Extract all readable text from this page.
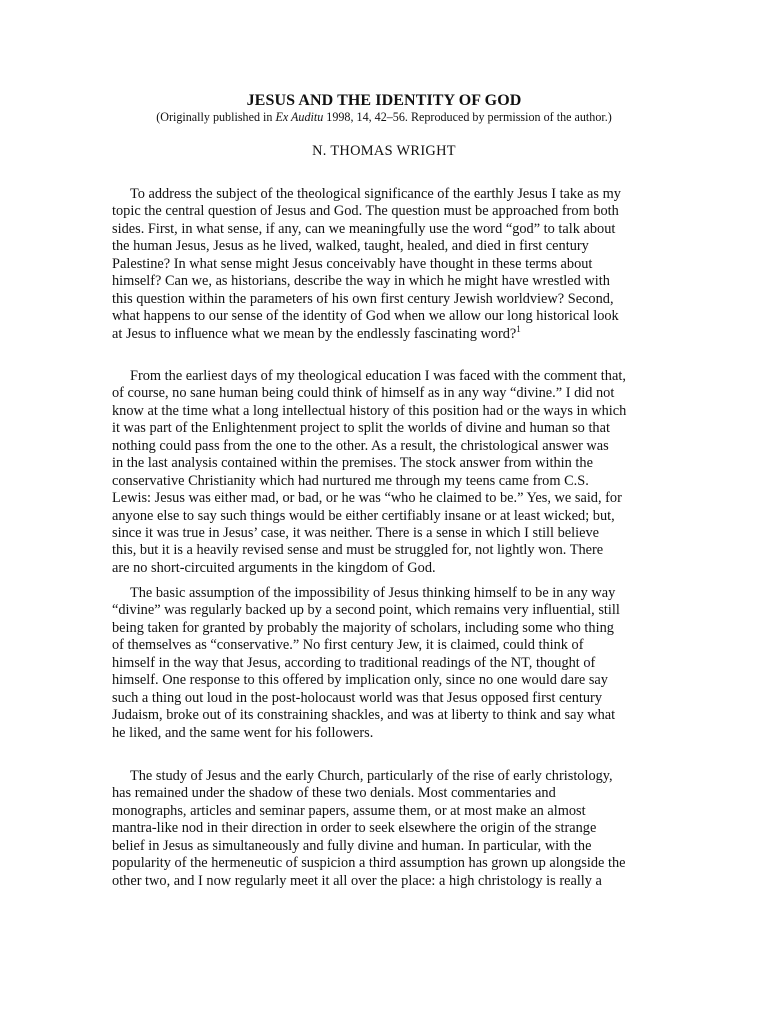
JESUS AND THE IDENTITY OF GOD
(Originally published in Ex Auditu 1998, 14, 42–56. Reproduced by permission of the author.)
N. THOMAS WRIGHT

To address the subject of the theological significance of the earthly Jesus I take as my
topic the central question of Jesus and God. The question must be approached from both
sides. First, in what sense, if any, can we meaningfully use the word “god” to talk about
the human Jesus, Jesus as he lived, walked, taught, healed, and died in first century
Palestine? In what sense might Jesus conceivably have thought in these terms about
himself? Can we, as historians, describe the way in which he might have wrestled with
this question within the parameters of his own first century Jewish worldview? Second,
what happens to our sense of the identity of God when we allow our long historical look
at Jesus to influence what we mean by the endlessly fascinating word?$^1$

From the earliest days of my theological education I was faced with the comment that,
of course, no sane human being could think of himself as in any way “divine.” I did not
know at the time what a long intellectual history of this position had or the ways in which
it was part of the Enlightenment project to split the worlds of divine and human so that
nothing could pass from the one to the other. As a result, the christological answer was
in the last analysis contained within the premises. The stock answer from within the
conservative Christianity which had nurtured me through my teens came from C.S.
Lewis: Jesus was either mad, or bad, or he was “who he claimed to be.” Yes, we said, for
anyone else to say such things would be either certifiably insane or at least wicked; but,
since it was true in Jesus’ case, it was neither. There is a sense in which I still believe
this, but it is a heavily revised sense and must be struggled for, not lightly won. There
are no short-circuited arguments in the kingdom of God.

The basic assumption of the impossibility of Jesus thinking himself to be in any way
“divine” was regularly backed up by a second point, which remains very influential, still
being taken for granted by probably the majority of scholars, including some who thing
of themselves as “conservative.” No first century Jew, it is claimed, could think of
himself in the way that Jesus, according to traditional readings of the NT, thought of
himself. One response to this offered by implication only, since no one would dare say
such a thing out loud in the post-holocaust world was that Jesus opposed first century
Judaism, broke out of its constraining shackles, and was at liberty to think and say what
he liked, and the same went for his followers.

The study of Jesus and the early Church, particularly of the rise of early christology,
has remained under the shadow of these two denials. Most commentaries and
monographs, articles and seminar papers, assume them, or at most make an almost
mantra-like nod in their direction in order to seek elsewhere the origin of the strange
belief in Jesus as simultaneously and fully divine and human. In particular, with the
popularity of the hermeneutic of suspicion a third assumption has grown up alongside the
other two, and I now regularly meet it all over the place: a high christology is really a
